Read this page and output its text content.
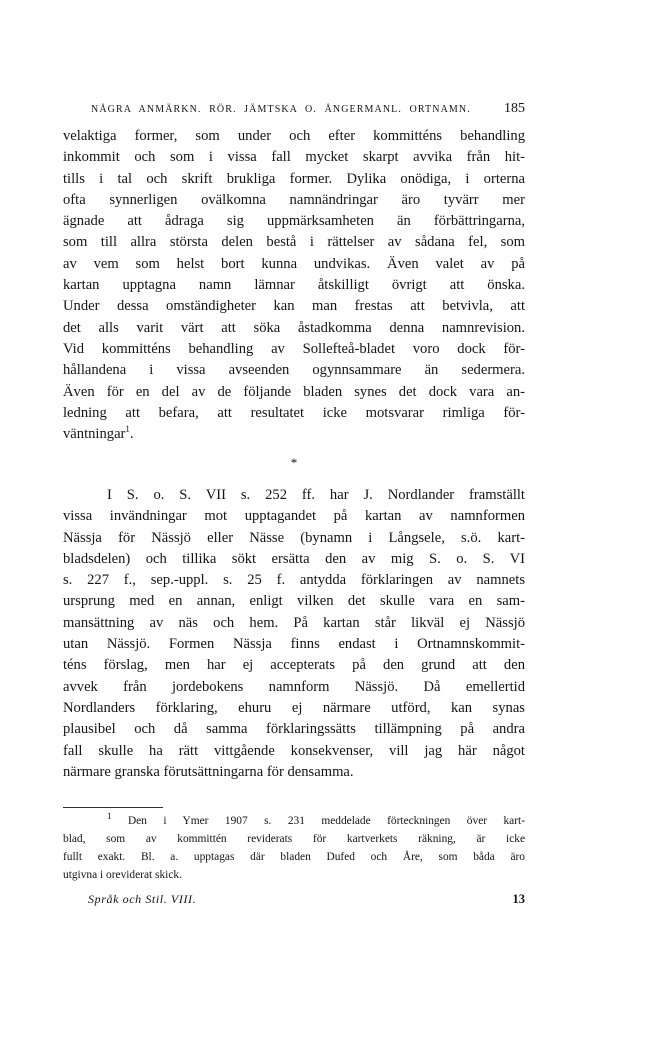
NÅGRA ANMÄRKN. RÖR. JÄMTSKA O. ÅNGERMANL. ORTNAMN. 185
velaktiga former, som under och efter kommitténs behandling
inkommit och som i vissa fall mycket skarpt avvika från hit-
tills i tal och skrift brukliga former. Dylika onödiga, i orterna
ofta synnerligen ovälkomna namnändringar äro tyvärr mer
ägnade att ådraga sig uppmärksamheten än förbättringarna,
som till allra största delen bestå i rättelser av sådana fel, som
av vem som helst bort kunna undvikas. Även valet av på
kartan upptagna namn lämnar åtskilligt övrigt att önska.
Under dessa omständigheter kan man frestas att betvivla, att
det alls varit värt att söka åstadkomma denna namnrevision.
Vid kommitténs behandling av Sollefteå-bladet voro dock för-
hållandena i vissa avseenden ogynnsammare än sedermera.
Även för en del av de följande bladen synes det dock vara an-
ledning att befara, att resultatet icke motsvarar rimliga för-
väntningar$^1$.
*
I S. o. S. VII s. 252 ff. har J. Nordlander framställt
vissa invändningar mot upptagandet på kartan av namnformen
Nässja för Nässjö eller Nässe (bynamn i Långsele, s.ö. kart-
bladsdelen) och tillika sökt ersätta den av mig S. o. S. VI
s. 227 f., sep.-uppl. s. 25 f. antydda förklaringen av namnets
ursprung med en annan, enligt vilken det skulle vara en sam-
mansättning av näs och hem. På kartan står likväl ej Nässjö
utan Nässjö. Formen Nässja finns endast i Ortnamnskommit-
téns förslag, men har ej accepterats på den grund att den
avvek från jordebokens namnform Nässjö. Då emellertid
Nordlanders förklaring, ehuru ej närmare utförd, kan synas
plausibel och då samma förklaringssätts tillämpning på andra
fall skulle ha rätt vittgående konsekvenser, vill jag här något
närmare granska förutsättningarna för densamma.
$^1$ Den i Ymer 1907 s. 231 meddelade förteckningen över kart-
blad, som av kommittén reviderats för kartverkets räkning, är icke
fullt exakt. Bl. a. upptagas där bladen Dufed och Åre, som båda äro
utgivna i oreviderat skick.
Språk och Stil. VIII.	13
